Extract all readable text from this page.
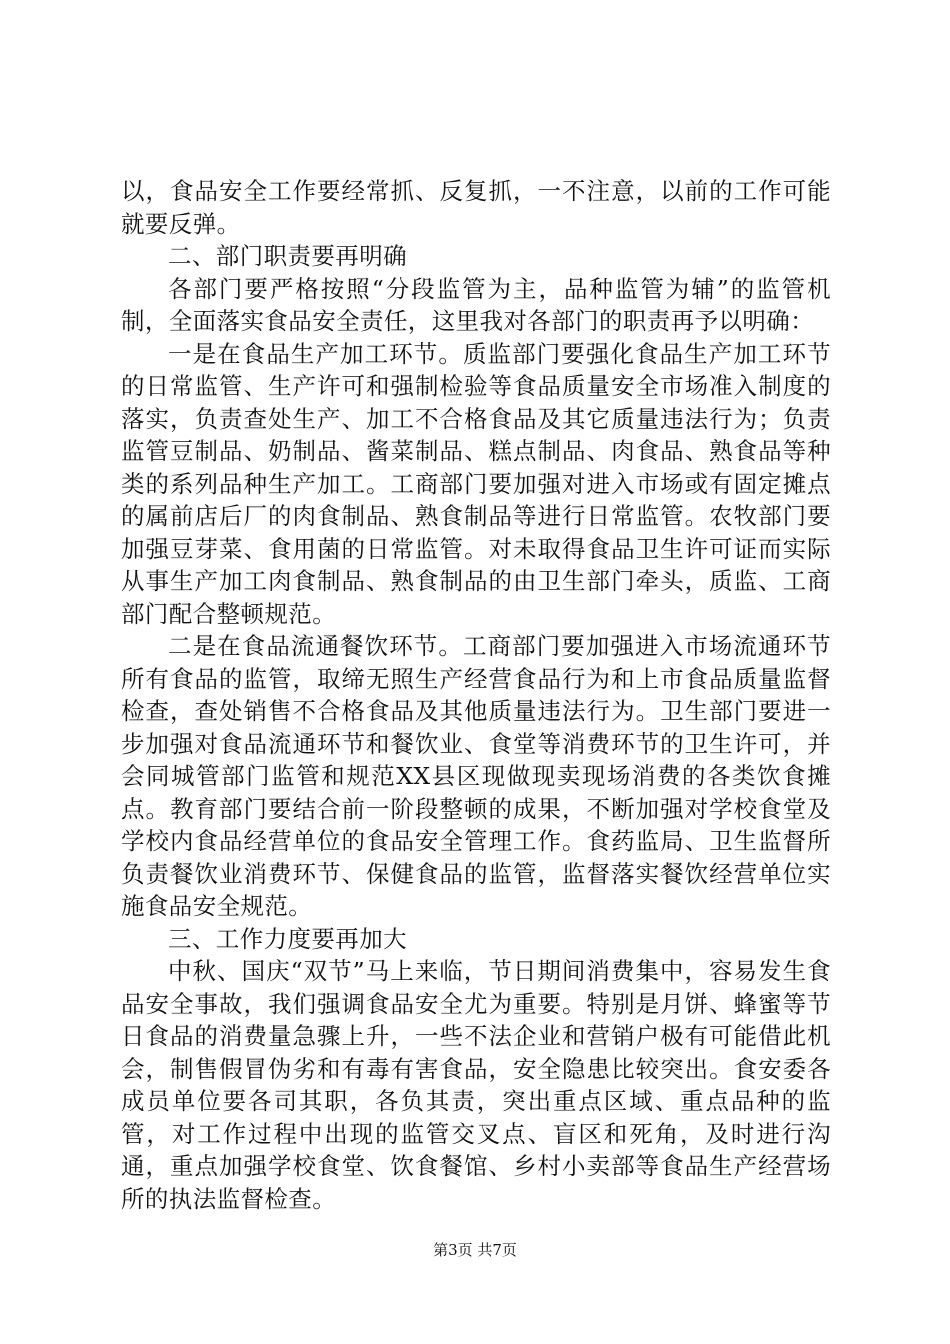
以，食品安全工作要经常抓、反复抓，一不注意，以前的工作可能就要反弹。

二、部门职责要再明确

各部门要严格按照“分段监管为主，品种监管为辅”的监管机制，全面落实食品安全责任，这里我对各部门的职责再予以明确：

一是在食品生产加工环节。质监部门要强化食品生产加工环节的日常监管、生产许可和强制检验等食品质量安全市场准入制度的落实，负责查处生产、加工不合格食品及其它质量违法行为；负责监管豆制品、奶制品、酱菜制品、糕点制品、肉食品、熟食品等种类的系列品种生产加工。工商部门要加强对进入市场或有固定摊点的属前店后厂的肉食制品、熟食制品等进行日常监管。农牧部门要加强豆芽菜、食用菌的日常监管。对未取得食品卫生许可证而实际从事生产加工肉食制品、熟食制品的由卫生部门牵头，质监、工商部门配合整顿规范。

二是在食品流通餐饮环节。工商部门要加强进入市场流通环节所有食品的监管，取缔无照生产经营食品行为和上市食品质量监督检查，查处销售不合格食品及其他质量违法行为。卫生部门要进一步加强对食品流通环节和餐饮业、食堂等消费环节的卫生许可，并会同城管部门监管和规范XX县区现做现卖现场消费的各类饮食摊点。教育部门要结合前一阶段整顿的成果，不断加强对学校食堂及学校内食品经营单位的食品安全管理工作。食药监局、卫生监督所负责餐饮业消费环节、保健食品的监管，监督落实餐饮经营单位实施食品安全规范。

三、工作力度要再加大

中秋、国庆“双节”马上来临，节日期间消费集中，容易发生食品安全事故，我们强调食品安全尤为重要。特别是月饼、蜂蜜等节日食品的消费量急骤上升，一些不法企业和营销户极有可能借此机会，制售假冒伪劣和有毒有害食品，安全隐患比较突出。食安委各成员单位要各司其职，各负其责，突出重点区域、重点品种的监管，对工作过程中出现的监管交叉点、盲区和死角，及时进行沟通，重点加强学校食堂、饮食餐馆、乡村小卖部等食品生产经营场所的执法监督检查。

第3页 共7页
